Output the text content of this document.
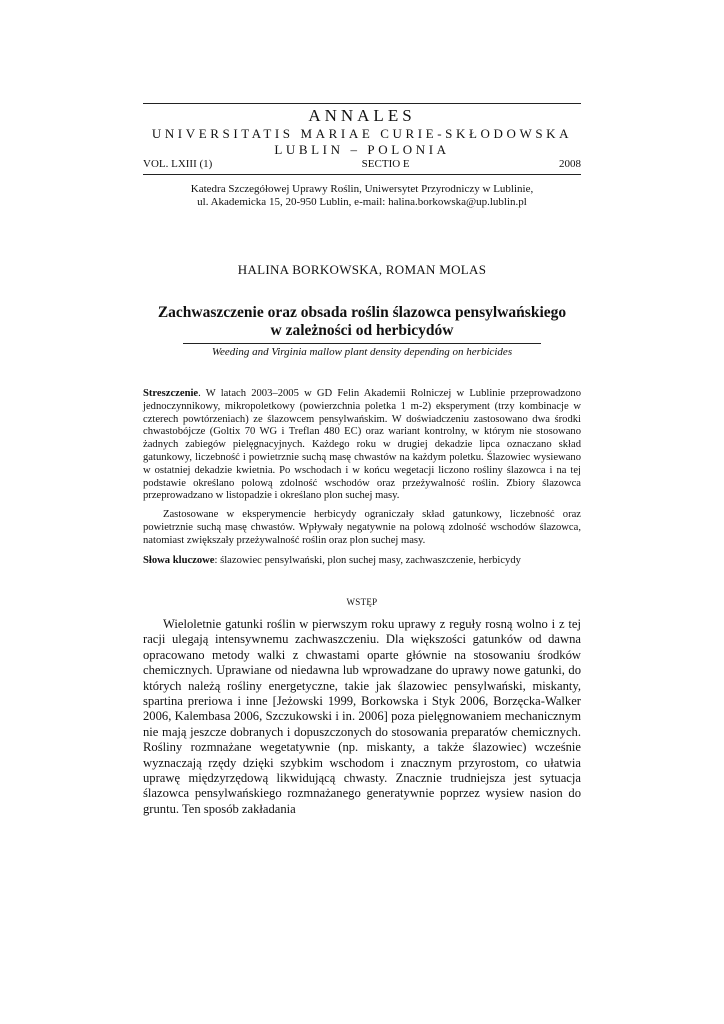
ANNALES
UNIVERSITATIS MARIAE CURIE-SKŁODOWSKA
LUBLIN – POLONIA
VOL. LXIII (1)	SECTIO E	2008
Katedra Szczegółowej Uprawy Roślin, Uniwersytet Przyrodniczy w Lublinie,
ul. Akademicka 15, 20-950 Lublin, e-mail: halina.borkowska@up.lublin.pl
HALINA BORKOWSKA, ROMAN MOLAS
Zachwaszczenie oraz obsada roślin ślazowca pensylwańskiego
w zależności od herbicydów
Weeding and Virginia mallow plant density depending on herbicides

Streszczenie. W latach 2003–2005 w GD Felin Akademii Rolniczej w Lublinie przeprowadzono jednoczynnikowy, mikropoletkowy (powierzchnia poletka 1 m-2) eksperyment (trzy kombinacje w czterech powtórzeniach) ze ślazowcem pensylwańskim. W doświadczeniu zastosowano dwa środki chwastobójcze (Goltix 70 WG i Treflan 480 EC) oraz wariant kontrolny, w którym nie stosowano żadnych zabiegów pielęgnacyjnych. Każdego roku w drugiej dekadzie lipca oznaczano skład gatunkowy, liczebność i powietrznie suchą masę chwastów na każdym poletku. Ślazowiec wysiewano w ostatniej dekadzie kwietnia. Po wschodach i w końcu wegetacji liczono rośliny ślazowca i na tej podstawie określano polową zdolność wschodów oraz przeżywalność roślin. Zbiory ślazowca przeprowadzano w listopadzie i określano plon suchej masy.

Zastosowane w eksperymencie herbicydy ograniczały skład gatunkowy, liczebność oraz powietrznie suchą masę chwastów. Wpływały negatywnie na polową zdolność wschodów ślazowca, natomiast zwiększały przeżywalność roślin oraz plon suchej masy.

Słowa kluczowe: ślazowiec pensylwański, plon suchej masy, zachwaszczenie, herbicydy
WSTĘP

Wieloletnie gatunki roślin w pierwszym roku uprawy z reguły rosną wolno i z tej racji ulegają intensywnemu zachwaszczeniu. Dla większości gatunków od dawna opracowano metody walki z chwastami oparte głównie na stosowaniu środków chemicznych. Uprawiane od niedawna lub wprowadzane do uprawy nowe gatunki, do których należą rośliny energetyczne, takie jak ślazowiec pensylwański, miskanty, spartina preriowa i inne [Jeżowski 1999, Borkowska i Styk 2006, Borzęcka-Walker 2006, Kalembasa 2006, Szczukowski i in. 2006] poza pielęgnowaniem mechanicznym nie mają jeszcze dobranych i dopuszczonych do stosowania preparatów chemicznych. Rośliny rozmnażane wegetatywnie (np. miskanty, a także ślazowiec) wcześnie wyznaczają rzędy dzięki szybkim wschodom i znacznym przyrostom, co ułatwia uprawę międzyrzędową likwidującą chwasty. Znacznie trudniejsza jest sytuacja ślazowca pensylwańskiego rozmnażanego generatywnie poprzez wysiew nasion do gruntu. Ten sposób zakładania
